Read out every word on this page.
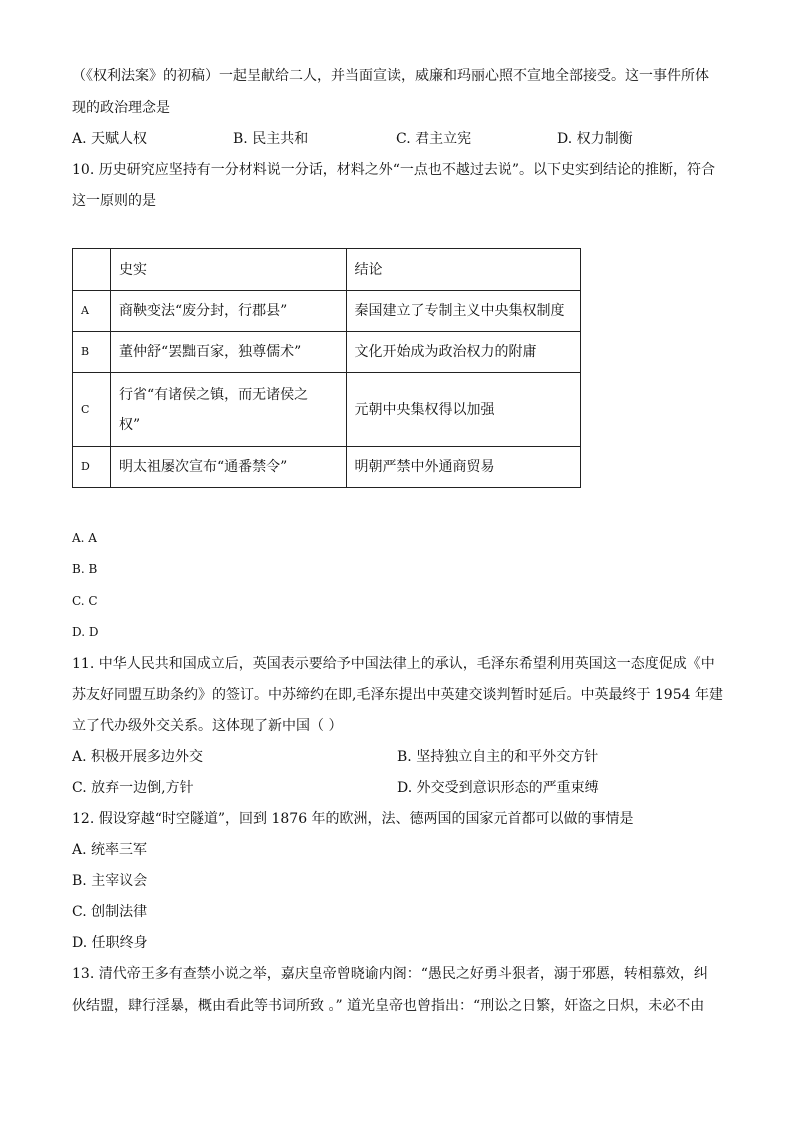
（《权利法案》的初稿）一起呈献给二人，并当面宣读，威廉和玛丽心照不宣地全部接受。这一事件所体
现的政治理念是
A. 天赋人权	B. 民主共和	C. 君主立宪	D. 权力制衡
10. 历史研究应坚持有一分材料说一分话，材料之外“一点也不越过去说”。以下史实到结论的推断，符合
这一原则的是
	史实	结论
A	商鞅变法“废分封，行郡县”	秦国建立了专制主义中央集权制度
B	董仲舒“罢黜百家，独尊儒术”	文化开始成为政治权力的附庸
C	行省“有诸侯之镇，而无诸侯之
权”	元朝中央集权得以加强
D	明太祖屡次宣布“通番禁令”	明朝严禁中外通商贸易
A. A
B. B
C. C
D. D
11. 中华人民共和国成立后，英国表示要给予中国法律上的承认，毛泽东希望利用英国这一态度促成《中
苏友好同盟互助条约》的签订。中苏缔约在即,毛泽东提出中英建交谈判暂时延后。中英最终于 1954 年建
立了代办级外交关系。这体现了新中国（ ）
A. 积极开展多边外交	B. 坚持独立自主的和平外交方针
C. 放弃一边倒,方针	D. 外交受到意识形态的严重束缚
12. 假设穿越“时空隧道”，回到 1876 年的欧洲，法、德两国的国家元首都可以做的事情是
A. 统率三军
B. 主宰议会
C. 创制法律
D. 任职终身
13. 清代帝王多有查禁小说之举，嘉庆皇帝曾晓谕内阁：“愚民之好勇斗狠者，溺于邪慝，转相慕效，纠
伙结盟，肆行淫暴，概由看此等书词所致 。” 道光皇帝也曾指出：“刑讼之日繁，奸盗之日炽，未必不由
